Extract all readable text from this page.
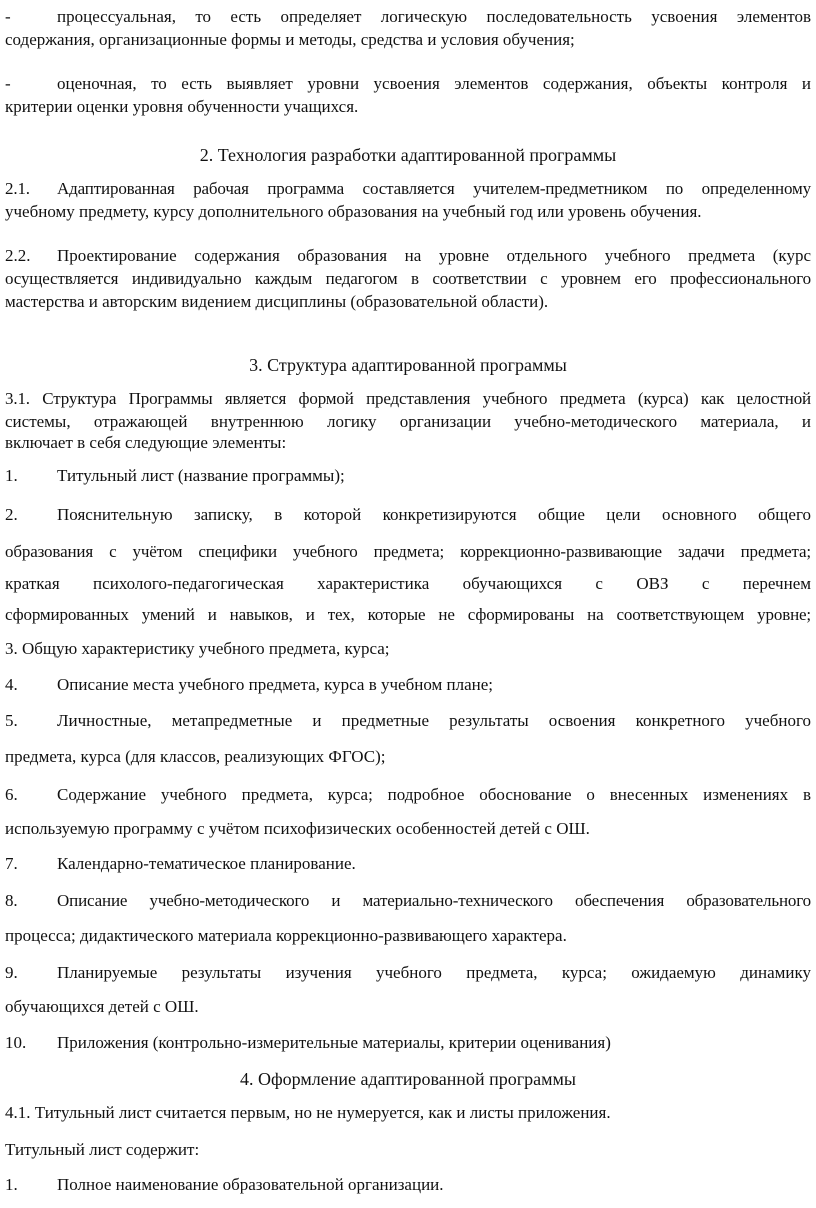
-	процессуальная, то есть определяет логическую последовательность усвоения элементов
содержания, организационные формы и методы, средства и условия обучения;
-	оценочная, то есть выявляет уровни усвоения элементов содержания, объекты контроля и
критерии оценки уровня обученности учащихся.
2. Технология разработки адаптированной программы
2.1. Адаптированная рабочая программа составляется учителем-предметником по определенному
учебному предмету, курсу дополнительного образования на учебный год или уровень обучения.
2.2. Проектирование содержания образования на уровне отдельного учебного предмета (курс
осуществляется индивидуально каждым педагогом в соответствии с уровнем его профессионального
мастерства и авторским видением дисциплины (образовательной области).
3. Структура адаптированной программы
3.1. Структура Программы является формой представления учебного предмета (курса) как целостной
системы, отражающей внутреннюю логику организации учебно-методического материала, и
включает в себя следующие элементы:
1. Титульный лист (название программы);
2. Пояснительную записку, в которой конкретизируются общие цели основного общего
образования с учётом специфики учебного предмета; коррекционно-развивающие задачи предмета;
краткая психолого-педагогическая характеристика обучающихся с ОВЗ с перечнем
сформированных умений и навыков, и тех, которые не сформированы на соответствующем уровне;
3. Общую характеристику учебного предмета, курса;
4. Описание места учебного предмета, курса в учебном плане;
5. Личностные, метапредметные и предметные результаты освоения конкретного учебного
предмета, курса (для классов, реализующих ФГОС);
6. Содержание учебного предмета, курса; подробное обоснование о внесенных изменениях в
используемую программу с учётом психофизических особенностей детей с ОШ.
7. Календарно-тематическое планирование.
8. Описание учебно-методического и материально-технического обеспечения образовательного
процесса; дидактического материала коррекционно-развивающего характера.
9. Планируемые результаты изучения учебного предмета, курса; ожидаемую динамику
обучающихся детей с ОШ.
10. Приложения (контрольно-измерительные материалы, критерии оценивания)
4. Оформление адаптированной программы
4.1. Титульный лист считается первым, но не нумеруется, как и листы приложения.
Титульный лист содержит:
1. Полное наименование образовательной организации.
